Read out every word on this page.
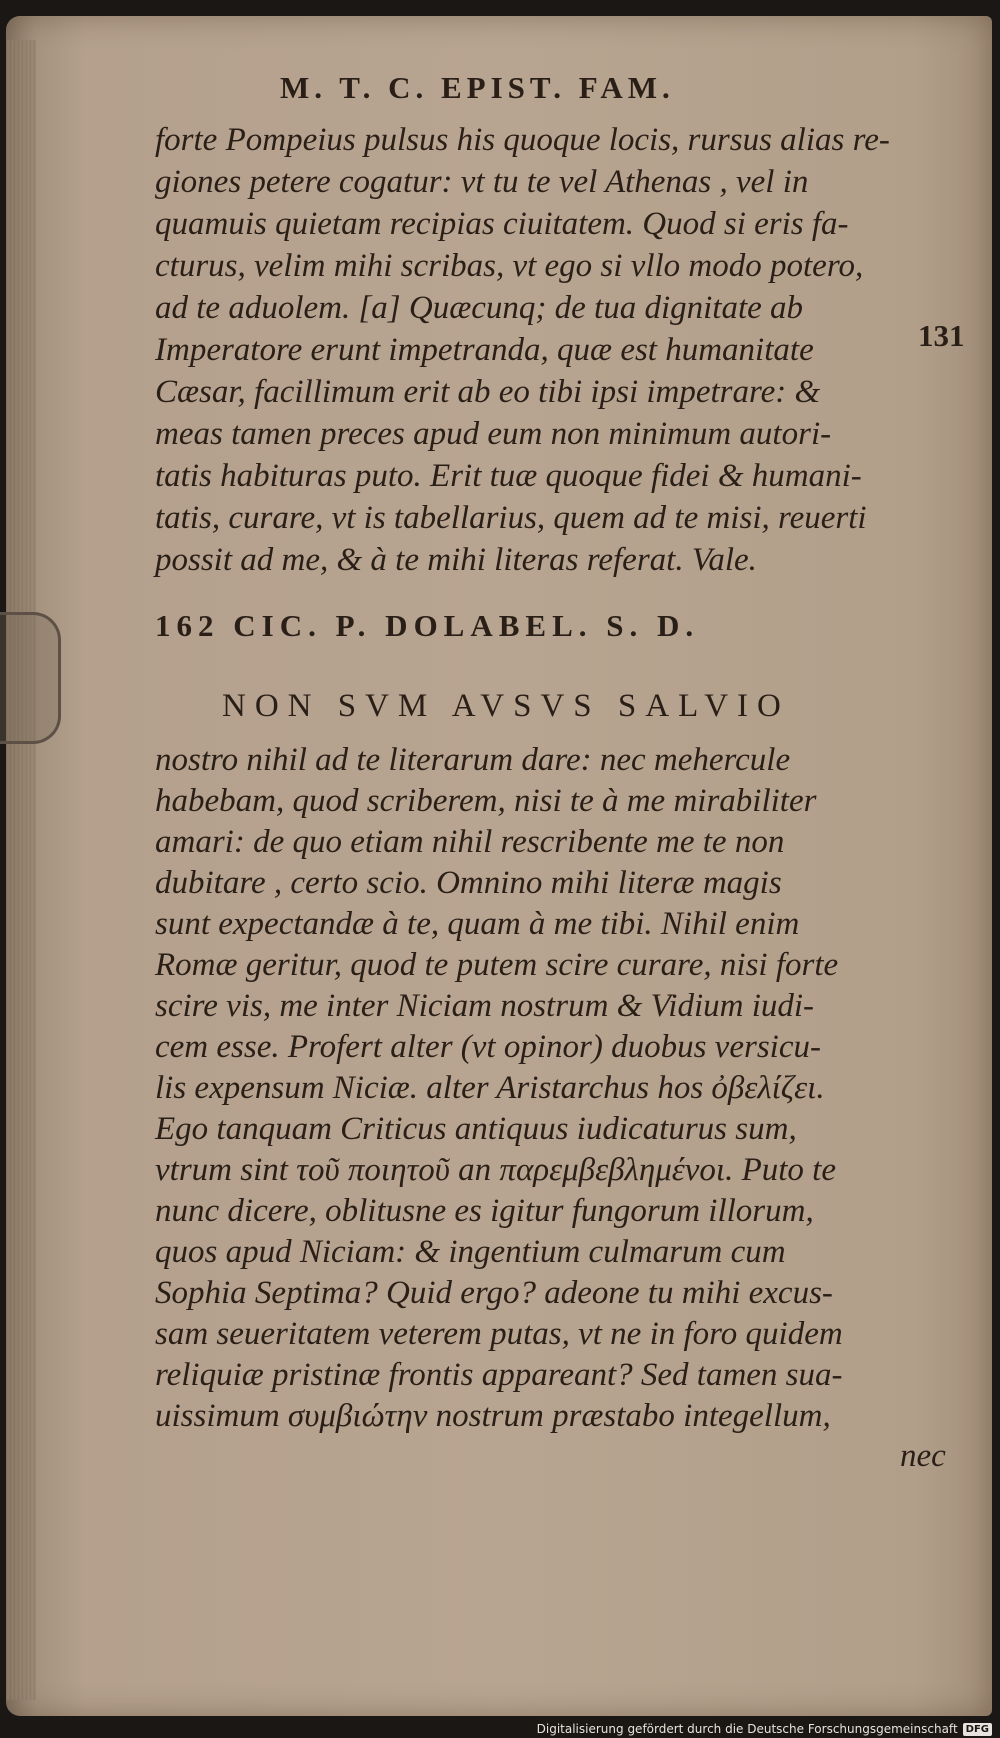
M. T. C. EPIST. FAM.
131
forte Pompeius pulsus his quoque locis, rursus alias re-
giones petere cogatur: vt tu te vel Athenas , vel in
quamuis quietam recipias ciuitatem. Quod si eris fa-
cturus, velim mihi scribas, vt ego si vllo modo potero,
ad te aduolem. [a] Quæcunq; de tua dignitate ab
Imperatore erunt impetranda, quæ est humanitate
Cæsar, facillimum erit ab eo tibi ipsi impetrare: &
meas tamen preces apud eum non minimum autori-
tatis habituras puto. Erit tuæ quoque fidei & humani-
tatis, curare, vt is tabellarius, quem ad te misi, reuerti
possit ad me, & à te mihi literas referat. Vale.
162 CIC. P. DOLABEL. S. D.
NON SVM AVSVS SALVIO
nostro nihil ad te literarum dare: nec mehercule
habebam, quod scriberem, nisi te à me mirabiliter
amari: de quo etiam nihil rescribente me te non
dubitare , certo scio. Omnino mihi literæ magis
sunt expectandæ à te, quam à me tibi. Nihil enim
Romæ geritur, quod te putem scire curare, nisi forte
scire vis, me inter Niciam nostrum & Vidium iudi-
cem esse. Profert alter (vt opinor) duobus versicu-
lis expensum Niciæ. alter Aristarchus hos ὀβελίζει.
Ego tanquam Criticus antiquus iudicaturus sum,
vtrum sint τοῦ ποιητοῦ an παρεμβεβλημένοι. Puto te
nunc dicere, oblitusne es igitur fungorum illorum,
quos apud Niciam: & ingentium culmarum cum
Sophia Septima? Quid ergo? adeone tu mihi excus-
sam seueritatem veterem putas, vt ne in foro quidem
reliquiæ pristinæ frontis appareant? Sed tamen sua-
uissimum συμβιώτην nostrum præstabo integellum,
nec
Digitalisierung gefördert durch die Deutsche Forschungsgemeinschaft DFG
